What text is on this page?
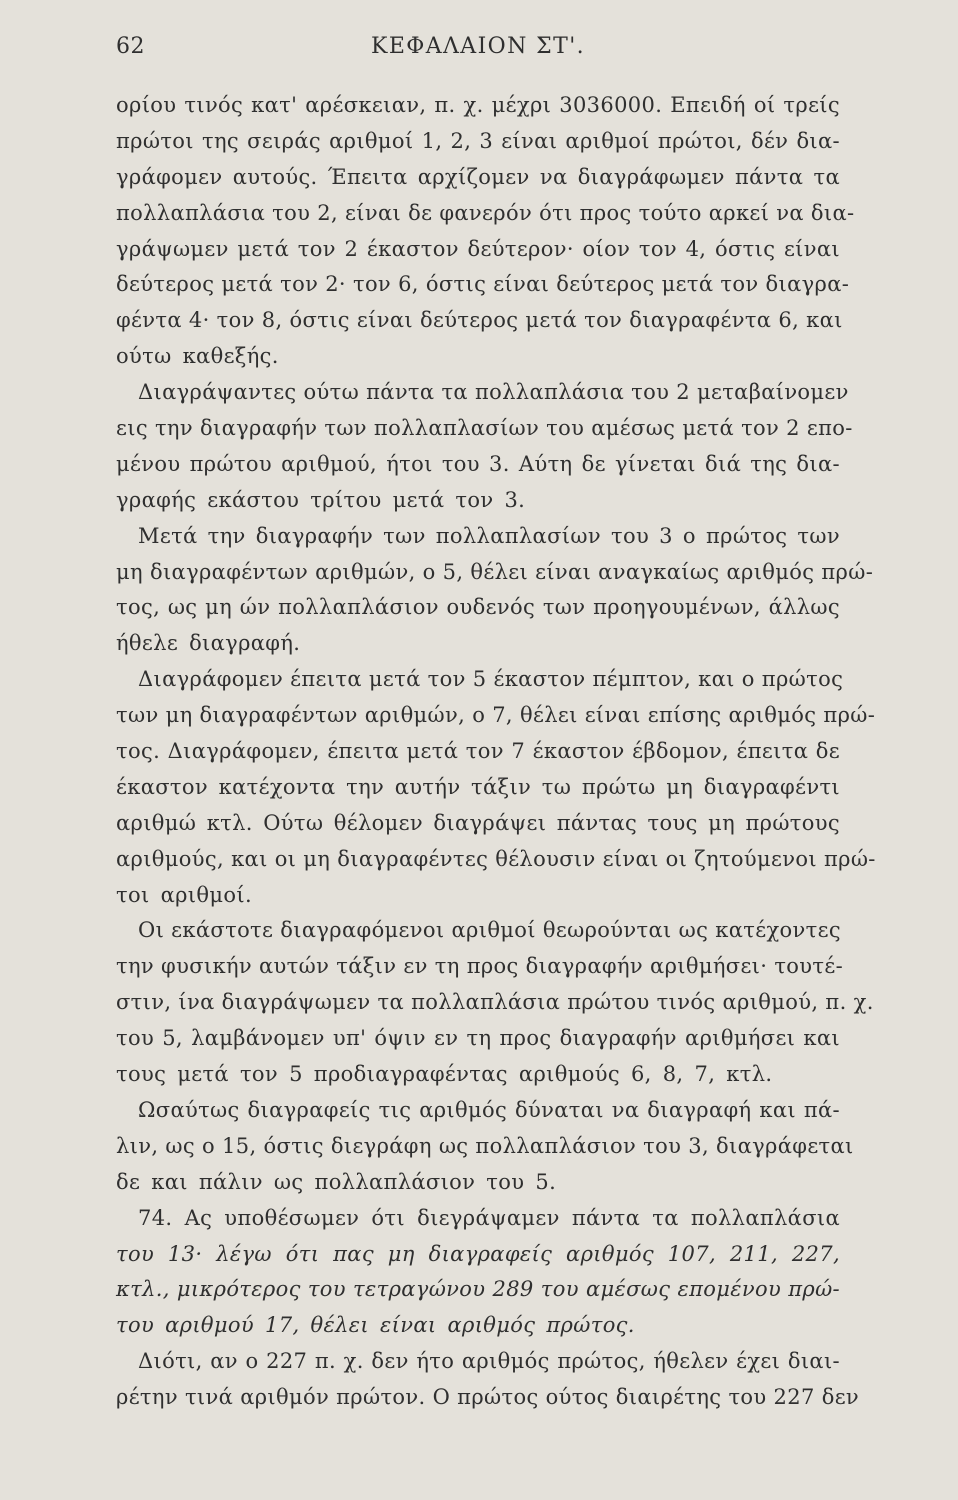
62	ΚΕΦΑΛΑΙΟΝ ΣΤ'.
ορίου τινός κατ' αρέσκειαν, π. χ. μέχρι 3036000. Επειδή οί τρείς
πρώτοι της σειράς αριθμοί 1, 2, 3 είναι αριθμοί πρώτοι, δέν δια-
γράφομεν αυτούς. Έπειτα αρχίζομεν να διαγράφωμεν πάντα τα
πολλαπλάσια του 2, είναι δε φανερόν ότι προς τούτο αρκεί να δια-
γράψωμεν μετά τον 2 έκαστον δεύτερον· οίον τον 4, όστις είναι
δεύτερος μετά τον 2· τον 6, όστις είναι δεύτερος μετά τον διαγρα-
φέντα 4· τον 8, όστις είναι δεύτερος μετά τον διαγραφέντα 6, και
ούτω καθεξής.
Διαγράψαντες ούτω πάντα τα πολλαπλάσια του 2 μεταβαίνομεν
εις την διαγραφήν των πολλαπλασίων του αμέσως μετά τον 2 επο-
μένου πρώτου αριθμού, ήτοι του 3. Αύτη δε γίνεται διά της δια-
γραφής εκάστου τρίτου μετά τον 3.
Μετά την διαγραφήν των πολλαπλασίων του 3 ο πρώτος των
μη διαγραφέντων αριθμών, ο 5, θέλει είναι αναγκαίως αριθμός πρώ-
τος, ως μη ών πολλαπλάσιον ουδενός των προηγουμένων, άλλως
ήθελε διαγραφή.
Διαγράφομεν έπειτα μετά τον 5 έκαστον πέμπτον, και ο πρώτος
των μη διαγραφέντων αριθμών, ο 7, θέλει είναι επίσης αριθμός πρώ-
τος. Διαγράφομεν, έπειτα μετά τον 7 έκαστον έβδομον, έπειτα δε
έκαστον κατέχοντα την αυτήν τάξιν τω πρώτω μη διαγραφέντι
αριθμώ κτλ. Ούτω θέλομεν διαγράψει πάντας τους μη πρώτους
αριθμούς, και οι μη διαγραφέντες θέλουσιν είναι οι ζητούμενοι πρώ-
τοι αριθμοί.
Οι εκάστοτε διαγραφόμενοι αριθμοί θεωρούνται ως κατέχοντες
την φυσικήν αυτών τάξιν εν τη προς διαγραφήν αριθμήσει· τουτέ-
στιν, ίνα διαγράψωμεν τα πολλαπλάσια πρώτου τινός αριθμού, π. χ.
του 5, λαμβάνομεν υπ' όψιν εν τη προς διαγραφήν αριθμήσει και
τους μετά τον 5 προδιαγραφέντας αριθμούς 6, 8, 7, κτλ.
Ωσαύτως διαγραφείς τις αριθμός δύναται να διαγραφή και πά-
λιν, ως ο 15, όστις διεγράφη ως πολλαπλάσιον του 3, διαγράφεται
δε και πάλιν ως πολλαπλάσιον του 5.
74. Ας υποθέσωμεν ότι διεγράψαμεν πάντα τα πολλαπλάσια
του 13· λέγω ότι πας μη διαγραφείς αριθμός 107, 211, 227,
κτλ., μικρότερος του τετραγώνου 289 του αμέσως επομένου πρώ-
του αριθμού 17, θέλει είναι αριθμός πρώτος.
Διότι, αν ο 227 π. χ. δεν ήτο αριθμός πρώτος, ήθελεν έχει διαι-
ρέτην τινά αριθμόν πρώτον. Ο πρώτος ούτος διαιρέτης του 227 δεν
